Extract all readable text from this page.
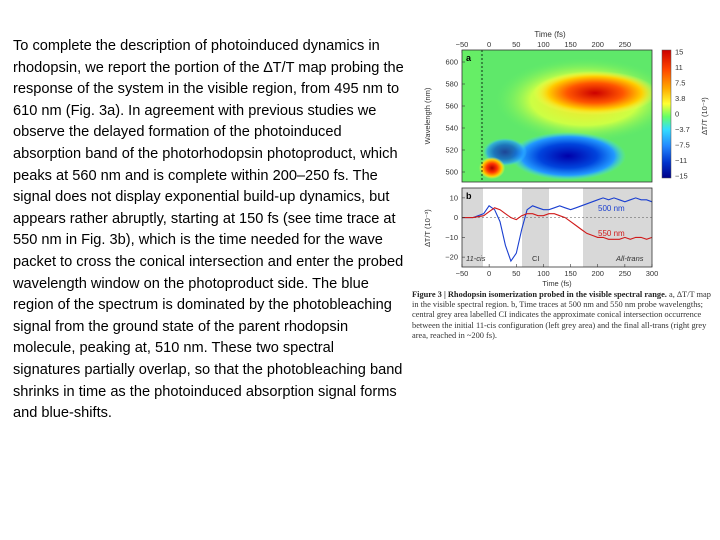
To complete the description of photoinduced dynamics in rhodopsin, we report the portion of the ∆T/T map probing the response of the system in the visible region, from 495 nm to 610 nm (Fig. 3a). In agreement with previous studies we observe the delayed formation of the photoinduced absorption band of the photorhodopsin photoproduct, which peaks at 560 nm and is complete within 200–250 fs. The signal does not display exponential build-up dynamics, but appears rather abruptly, starting at 150 fs (see time trace at 550 nm in Fig. 3b), which is the time needed for the wave packet to cross the conical intersection and enter the probed wavelength window on the photoproduct side. The blue region of the spectrum is dominated by the photobleaching signal from the ground state of the parent rhodopsin molecule, peaking at, 510 nm. These two spectral signatures partially overlap, so that the photobleaching band shrinks in time as the photoinduced absorption signal forms and blue-shifts.

Time (fs)
−50 0	50 100 150 200 250
a
Wavelength (nm)
600
580
560
540
520
500
15
11
7.5
3.8
0
−3.7
−7.5
−11
−15
∆T/T (10⁻³)
b
500 nm
550 nm
11-cis	CI	All-trans
∆T/T (10⁻³)
10
0
−10
−20
−50 0	50 100 150 200 250 300
Time (fs)
Figure 3 | Rhodopsin isomerization probed in the visible spectral range. a, ∆T/T map in the visible spectral region. b, Time traces at 500 nm and 550 nm probe wavelengths; central grey area labelled CI indicates the approximate conical intersection occurrence between the initial 11-cis configuration (left grey area) and the final all-trans (right grey area, reached in ~200 fs).
